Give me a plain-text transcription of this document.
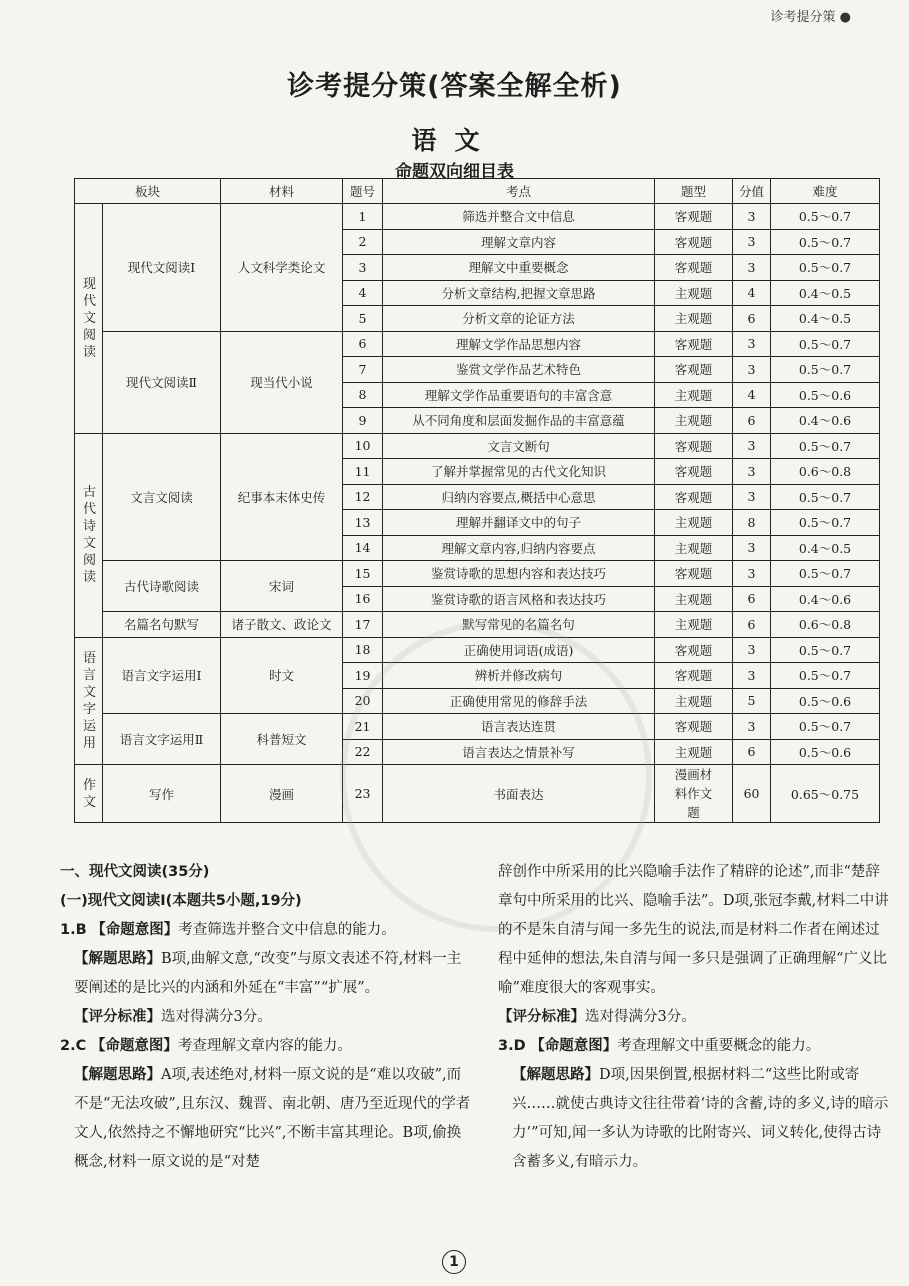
诊考提分策 ●
诊考提分策(答案全解全析)
语文
命题双向细目表
板块		材料	题号	考点	题型	分值	难度
现代文阅读	现代文阅读Ⅰ	人文科学类论文	1	筛选并整合文中信息	客观题	3	0.5～0.7
			2	理解文章内容	客观题	3	0.5～0.7
			3	理解文中重要概念	客观题	3	0.5～0.7
			4	分析文章结构,把握文章思路	主观题	4	0.4～0.5
			5	分析文章的论证方法	主观题	6	0.4～0.5
	现代文阅读Ⅱ	现当代小说	6	理解文学作品思想内容	客观题	3	0.5～0.7
			7	鉴赏文学作品艺术特色	客观题	3	0.5～0.7
			8	理解文学作品重要语句的丰富含意	主观题	4	0.5～0.6
			9	从不同角度和层面发掘作品的丰富意蕴	主观题	6	0.4～0.6
古代诗文阅读	文言文阅读	纪事本末体史传	10	文言文断句	客观题	3	0.5～0.7
			11	了解并掌握常见的古代文化知识	客观题	3	0.6～0.8
			12	归纳内容要点,概括中心意思	客观题	3	0.5～0.7
			13	理解并翻译文中的句子	主观题	8	0.5～0.7
			14	理解文章内容,归纳内容要点	主观题	3	0.4～0.5
	古代诗歌阅读	宋词	15	鉴赏诗歌的思想内容和表达技巧	客观题	3	0.5～0.7
			16	鉴赏诗歌的语言风格和表达技巧	主观题	6	0.4～0.6
	名篇名句默写	诸子散文、政论文	17	默写常见的名篇名句	主观题	6	0.6～0.8
语言文字运用	语言文字运用Ⅰ	时文	18	正确使用词语(成语)	客观题	3	0.5～0.7
			19	辨析并修改病句	客观题	3	0.5～0.7
			20	正确使用常见的修辞手法	主观题	5	0.5～0.6
	语言文字运用Ⅱ	科普短文	21	语言表达连贯	客观题	3	0.5～0.7
			22	语言表达之情景补写	主观题	6	0.5～0.6
作文	写作	漫画	23	书面表达	漫画材料作文题	60	0.65～0.75

一、现代文阅读(35分)

(一)现代文阅读Ⅰ(本题共5小题,19分)

1.B 【命题意图】考查筛选并整合文中信息的能力。

【解题思路】B项,曲解文意,“改变”与原文表述不符,材料一主要阐述的是比兴的内涵和外延在“丰富”“扩展”。

【评分标准】选对得满分3分。

2.C 【命题意图】考查理解文章内容的能力。

【解题思路】A项,表述绝对,材料一原文说的是“难以攻破”,而不是“无法攻破”,且东汉、魏晋、南北朝、唐乃至近现代的学者文人,依然持之不懈地研究“比兴”,不断丰富其理论。B项,偷换概念,材料一原文说的是“对楚

辞创作中所采用的比兴隐喻手法作了精辟的论述”,而非“楚辞章句中所采用的比兴、隐喻手法”。D项,张冠李戴,材料二中讲的不是朱自清与闻一多先生的说法,而是材料二作者在阐述过程中延伸的想法,朱自清与闻一多只是强调了正确理解“广义比喻”难度很大的客观事实。

【评分标准】选对得满分3分。

3.D 【命题意图】考查理解文中重要概念的能力。

【解题思路】D项,因果倒置,根据材料二“这些比附或寄兴……就使古典诗文往往带着‘诗的含蓄,诗的多义,诗的暗示力’”可知,闻一多认为诗歌的比附寄兴、词义转化,使得古诗含蓄多义,有暗示力。

1
